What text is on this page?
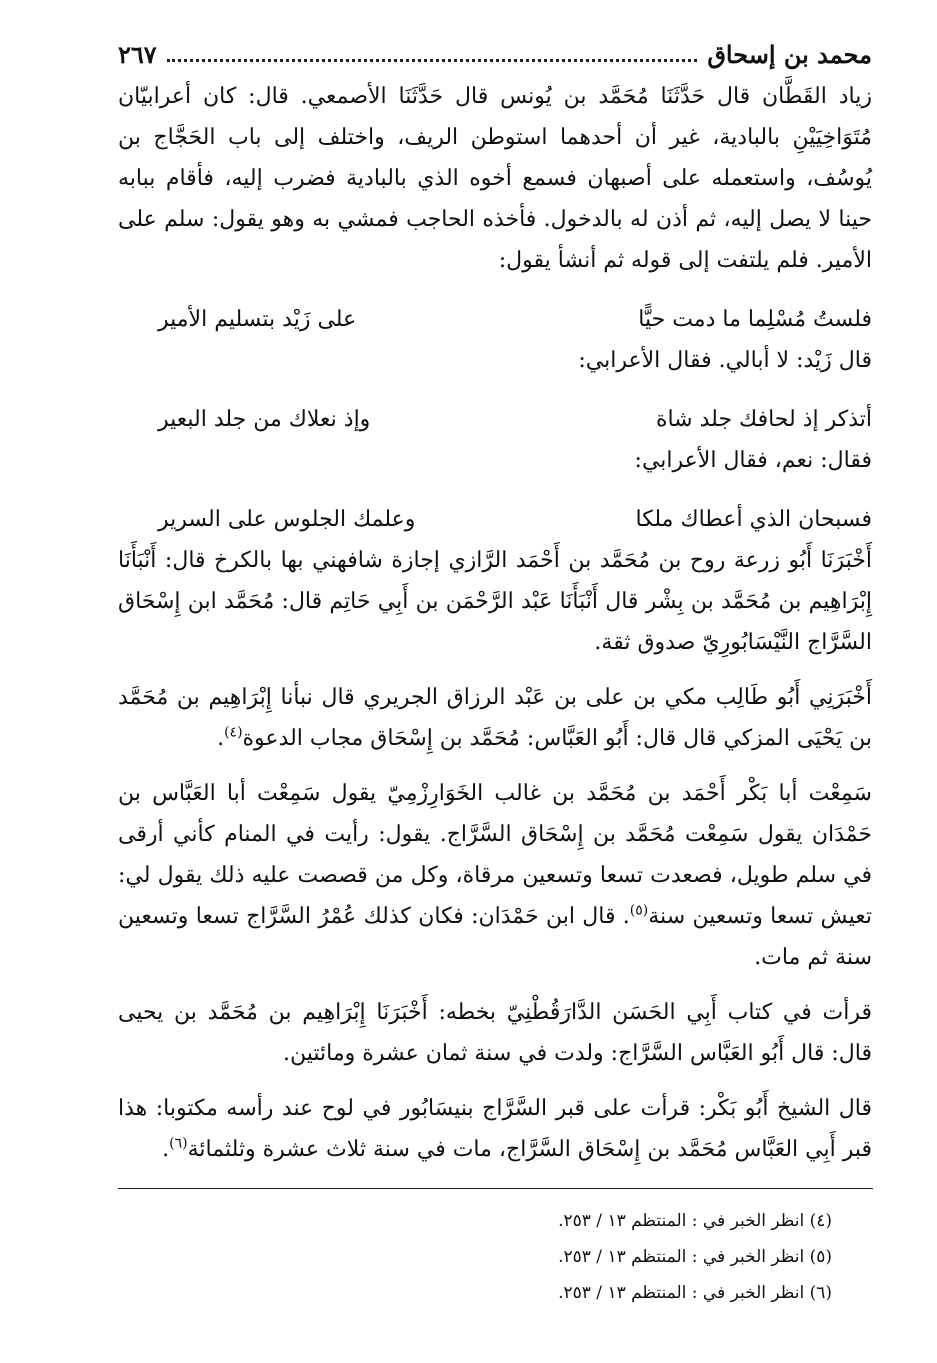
محمد بن إسحاق
٢٦٧

زياد القَطَّان قال حَدَّثَنَا مُحَمَّد بن يُونس قال حَدَّثَنَا الأصمعي. قال: كان أعرابيّان مُتَوَاخِيَيْنِ بالبادية، غير أن أحدهما استوطن الريف، واختلف إلى باب الحَجَّاج بن يُوسُف، واستعمله على أصبهان فسمع أخوه الذي بالبادية فضرب إليه، فأقام ببابه حينا لا يصل إليه، ثم أذن له بالدخول. فأخذه الحاجب فمشي به وهو يقول: سلم على الأمير. فلم يلتفت إلى قوله ثم أنشأ يقول:

فلستُ مُسْلِما ما دمت حيًّا
على زَيْد بتسليم الأمير

قال زَيْد: لا أبالي. فقال الأعرابي:

أتذكر إذ لحافك جلد شاة
وإذ نعلاك من جلد البعير

فقال: نعم، فقال الأعرابي:

فسبحان الذي أعطاك ملكا
وعلمك الجلوس على السرير

أَخْبَرَنَا أَبُو زرعة روح بن مُحَمَّد بن أَحْمَد الرَّازي إجازة شافهني بها بالكرخ قال: أَنْبَأَنَا إِبْرَاهِيم بن مُحَمَّد بن بِشْر قال أَنْبَأَنَا عَبْد الرَّحْمَن بن أَبِي حَاتِم قال: مُحَمَّد ابن إِسْحَاق السَّرَّاج النَّيْسَابُورِيّ صدوق ثقة.

أَخْبَرَنِي أَبُو طَالِب مكي بن على بن عَبْد الرزاق الجريري قال نبأنا إِبْرَاهِيم بن مُحَمَّد بن يَحْيَى المزكي قال قال: أَبُو العَبَّاس: مُحَمَّد بن إِسْحَاق مجاب الدعوة$^{(٤)}$.

سَمِعْت أبا بَكْر أَحْمَد بن مُحَمَّد بن غالب الخَوَارِزْمِيّ يقول سَمِعْت أبا العَبَّاس بن حَمْدَان يقول سَمِعْت مُحَمَّد بن إِسْحَاق السَّرَّاج. يقول: رأيت في المنام كأني أرقى في سلم طويل، فصعدت تسعا وتسعين مرقاة، وكل من قصصت عليه ذلك يقول لي: تعيش تسعا وتسعين سنة$^{(٥)}$. قال ابن حَمْدَان: فكان كذلك عُمْرُ السَّرَّاج تسعا وتسعين سنة ثم مات.

قرأت في كتاب أَبِي الحَسَن الدَّارَقُطْنِيّ بخطه: أَخْبَرَنَا إِبْرَاهِيم بن مُحَمَّد بن يحيى قال: قال أَبُو العَبَّاس السَّرَّاج: ولدت في سنة ثمان عشرة ومائتين.

قال الشيخ أَبُو بَكْر: قرأت على قبر السَّرَّاج بنيسَابُور في لوح عند رأسه مكتوبا: هذا قبر أَبِي العَبَّاس مُحَمَّد بن إِسْحَاق السَّرَّاج، مات في سنة ثلاث عشرة وثلثمائة$^{(٦)}$.

(٤) انظر الخبر في : المنتظم ١٣ / ٢٥٣.
(٥) انظر الخبر في : المنتظم ١٣ / ٢٥٣.
(٦) انظر الخبر في : المنتظم ١٣ / ٢٥٣.
